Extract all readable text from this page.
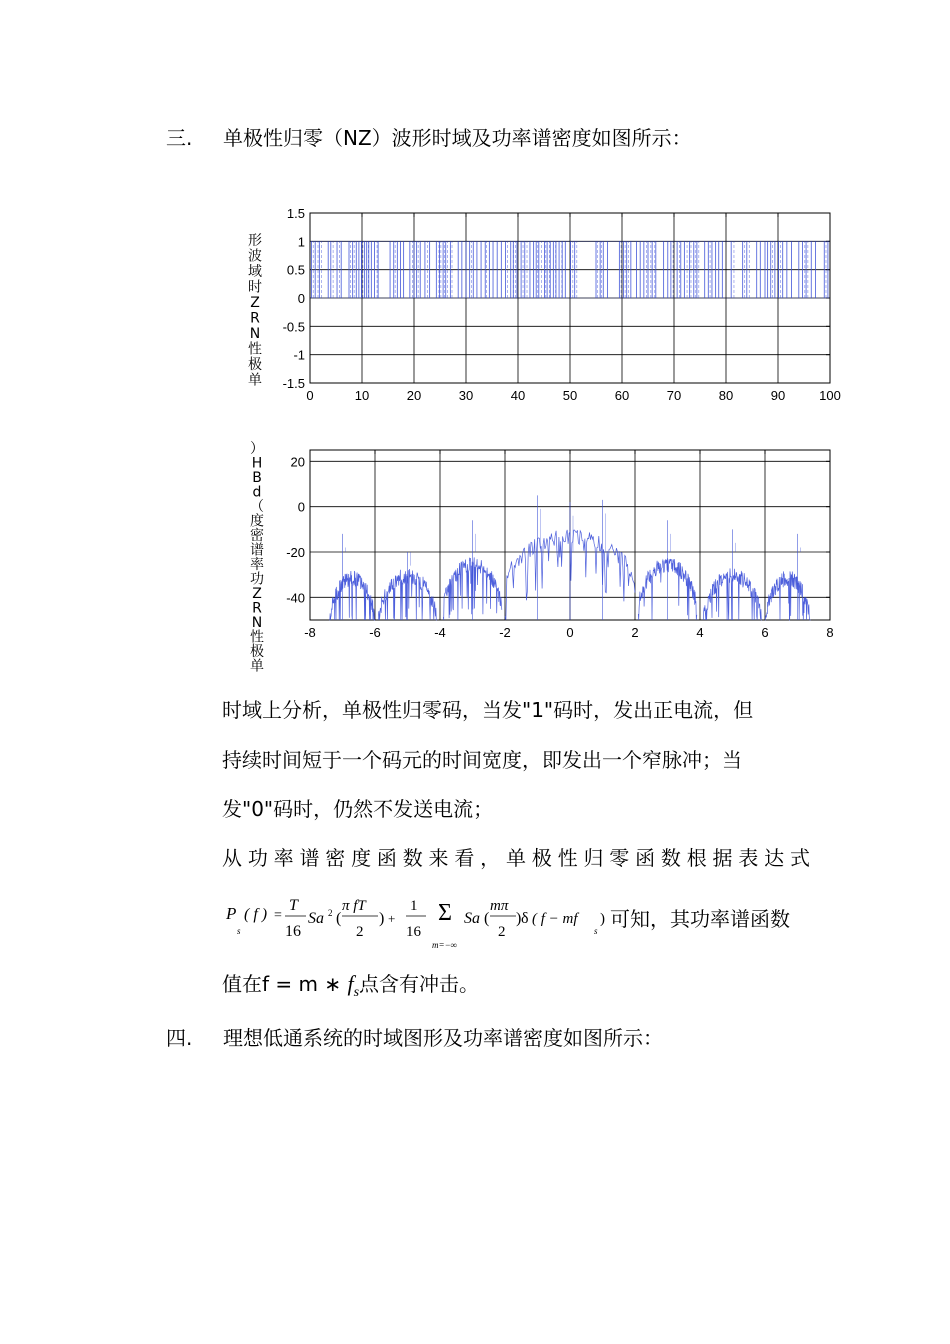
三. 单极性归零（NZ）波形时域及功率谱密度如图所示：
0	10	20	30	40	50	60	70	80	90	100
1.5
1
0.5
0
-0.5
-1
-1.5
形
波
域
时
Z
R
N
性
极
单
-8	-6	-4	-2	0	2	4	6	8
20
0
-20
-40
）
H
B
d
（
度
密
谱
率
功
Z
R
N
性
极
单
时域上分析，单极性归零码，当发"1"码时，发出正电流，但
持续时间短于一个码元的时间宽度，即发出一个窄脉冲；当
发"0"码时，仍然不发送电流；
从功率谱密度函数来看，单极性归零函数根据表达式
P
s
( f ) =
T
16
Sa 2 (
π fT
2
) +
1
16
Σ
m=−∞
Sa (
mπ
2
) δ ( f − mf
s
) 可知，其功率谱函数
值在f = m ∗ $f_s$点含有冲击。
四. 理想低通系统的时域图形及功率谱密度如图所示：
